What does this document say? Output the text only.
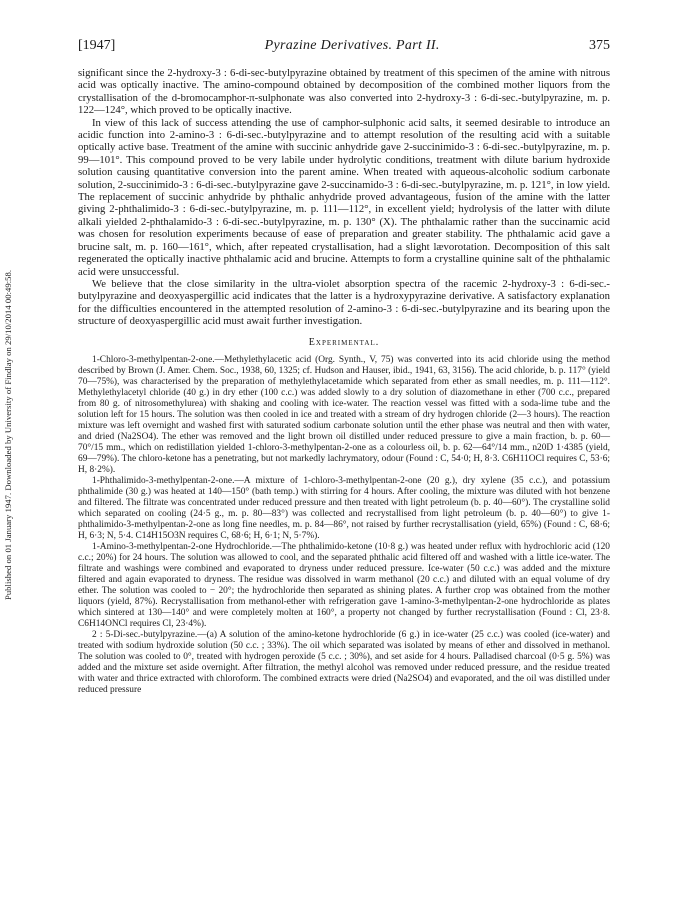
Published on 01 January 1947. Downloaded by University of Findlay on 29/10/2014 00:49:58.
[1947]	Pyrazine Derivatives. Part II.	375

significant since the 2-hydroxy-3 : 6-di-sec-butylpyrazine obtained by treatment of this specimen of the amine with nitrous acid was optically inactive. The amino-compound obtained by decomposition of the combined mother liquors from the crystallisation of the d-bromocamphor-π-sulphonate was also converted into 2-hydroxy-3 : 6-di-sec.-butylpyrazine, m. p. 122—124°, which proved to be optically inactive.

In view of this lack of success attending the use of camphor-sulphonic acid salts, it seemed desirable to introduce an acidic function into 2-amino-3 : 6-di-sec.-butylpyrazine and to attempt resolution of the resulting acid with a suitable optically active base. Treatment of the amine with succinic anhydride gave 2-succinimido-3 : 6-di-sec.-butylpyrazine, m. p. 99—101°. This compound proved to be very labile under hydrolytic conditions, treatment with dilute barium hydroxide solution causing quantitative conversion into the parent amine. When treated with aqueous-alcoholic sodium carbonate solution, 2-succinimido-3 : 6-di-sec.-butylpyrazine gave 2-succinamido-3 : 6-di-sec.-butylpyrazine, m. p. 121°, in low yield. The replacement of succinic anhydride by phthalic anhydride proved advantageous, fusion of the amine with the latter giving 2-phthalimido-3 : 6-di-sec.-butylpyrazine, m. p. 111—112°, in excellent yield; hydrolysis of the latter with dilute alkali yielded 2-phthalamido-3 : 6-di-sec.-butylpyrazine, m. p. 130° (X). The phthalamic rather than the succinamic acid was chosen for resolution experiments because of ease of preparation and greater stability. The phthalamic acid gave a brucine salt, m. p. 160—161°, which, after repeated crystallisation, had a slight lævorotation. Decomposition of this salt regenerated the optically inactive phthalamic acid and brucine. Attempts to form a crystalline quinine salt of the phthalamic acid were unsuccessful.

We believe that the close similarity in the ultra-violet absorption spectra of the racemic 2-hydroxy-3 : 6-di-sec.-butylpyrazine and deoxyaspergillic acid indicates that the latter is a hydroxypyrazine derivative. A satisfactory explanation for the difficulties encountered in the attempted resolution of 2-amino-3 : 6-di-sec.-butylpyrazine and its bearing upon the structure of deoxyaspergillic acid must await further investigation.

Experimental.

1-Chloro-3-methylpentan-2-one.—Methylethylacetic acid (Org. Synth., V, 75) was converted into its acid chloride using the method described by Brown (J. Amer. Chem. Soc., 1938, 60, 1325; cf. Hudson and Hauser, ibid., 1941, 63, 3156). The acid chloride, b. p. 117° (yield 70—75%), was characterised by the preparation of methylethylacetamide which separated from ether as small needles, m. p. 111—112°. Methylethylacetyl chloride (40 g.) in dry ether (100 c.c.) was added slowly to a dry solution of diazomethane in ether (700 c.c., prepared from 80 g. of nitrosomethylurea) with shaking and cooling with ice-water. The reaction vessel was fitted with a soda-lime tube and the solution left for 15 hours. The solution was then cooled in ice and treated with a stream of dry hydrogen chloride (2—3 hours). The reaction mixture was left overnight and washed first with saturated sodium carbonate solution until the ether phase was neutral and then with water, and dried (Na2SO4). The ether was removed and the light brown oil distilled under reduced pressure to give a main fraction, b. p. 60—70°/15 mm., which on redistillation yielded 1-chloro-3-methylpentan-2-one as a colourless oil, b. p. 62—64°/14 mm., n20D 1·4385 (yield, 69—79%). The chloro-ketone has a penetrating, but not markedly lachrymatory, odour (Found : C, 54·0; H, 8·3. C6H11OCl requires C, 53·6; H, 8·2%).

1-Phthalimido-3-methylpentan-2-one.—A mixture of 1-chloro-3-methylpentan-2-one (20 g.), dry xylene (35 c.c.), and potassium phthalimide (30 g.) was heated at 140—150° (bath temp.) with stirring for 4 hours. After cooling, the mixture was diluted with hot benzene and filtered. The filtrate was concentrated under reduced pressure and then treated with light petroleum (b. p. 40—60°). The crystalline solid which separated on cooling (24·5 g., m. p. 80—83°) was collected and recrystallised from light petroleum (b. p. 40—60°) to give 1-phthalimido-3-methylpentan-2-one as long fine needles, m. p. 84—86°, not raised by further recrystallisation (yield, 65%) (Found : C, 68·6; H, 6·3; N, 5·4. C14H15O3N requires C, 68·6; H, 6·1; N, 5·7%).

1-Amino-3-methylpentan-2-one Hydrochloride.—The phthalimido-ketone (10·8 g.) was heated under reflux with hydrochloric acid (120 c.c.; 20%) for 24 hours. The solution was allowed to cool, and the separated phthalic acid filtered off and washed with a little ice-water. The filtrate and washings were combined and evaporated to dryness under reduced pressure. Ice-water (50 c.c.) was added and the mixture filtered and again evaporated to dryness. The residue was dissolved in warm methanol (20 c.c.) and diluted with an equal volume of dry ether. The solution was cooled to − 20°; the hydrochloride then separated as shining plates. A further crop was obtained from the mother liquors (yield, 87%). Recrystallisation from methanol-ether with refrigeration gave 1-amino-3-methylpentan-2-one hydrochloride as plates which sintered at 130—140° and were completely molten at 160°, a property not changed by further recrystallisation (Found : Cl, 23·8. C6H14ONCl requires Cl, 23·4%).

2 : 5-Di-sec.-butylpyrazine.—(a) A solution of the amino-ketone hydrochloride (6 g.) in ice-water (25 c.c.) was cooled (ice-water) and treated with sodium hydroxide solution (50 c.c. ; 33%). The oil which separated was isolated by means of ether and dissolved in methanol. The solution was cooled to 0°, treated with hydrogen peroxide (5 c.c. ; 30%), and set aside for 4 hours. Palladised charcoal (0·5 g. 5%) was added and the mixture set aside overnight. After filtration, the methyl alcohol was removed under reduced pressure, and the residue treated with water and thrice extracted with chloroform. The combined extracts were dried (Na2SO4) and evaporated, and the oil was distilled under reduced pressure
